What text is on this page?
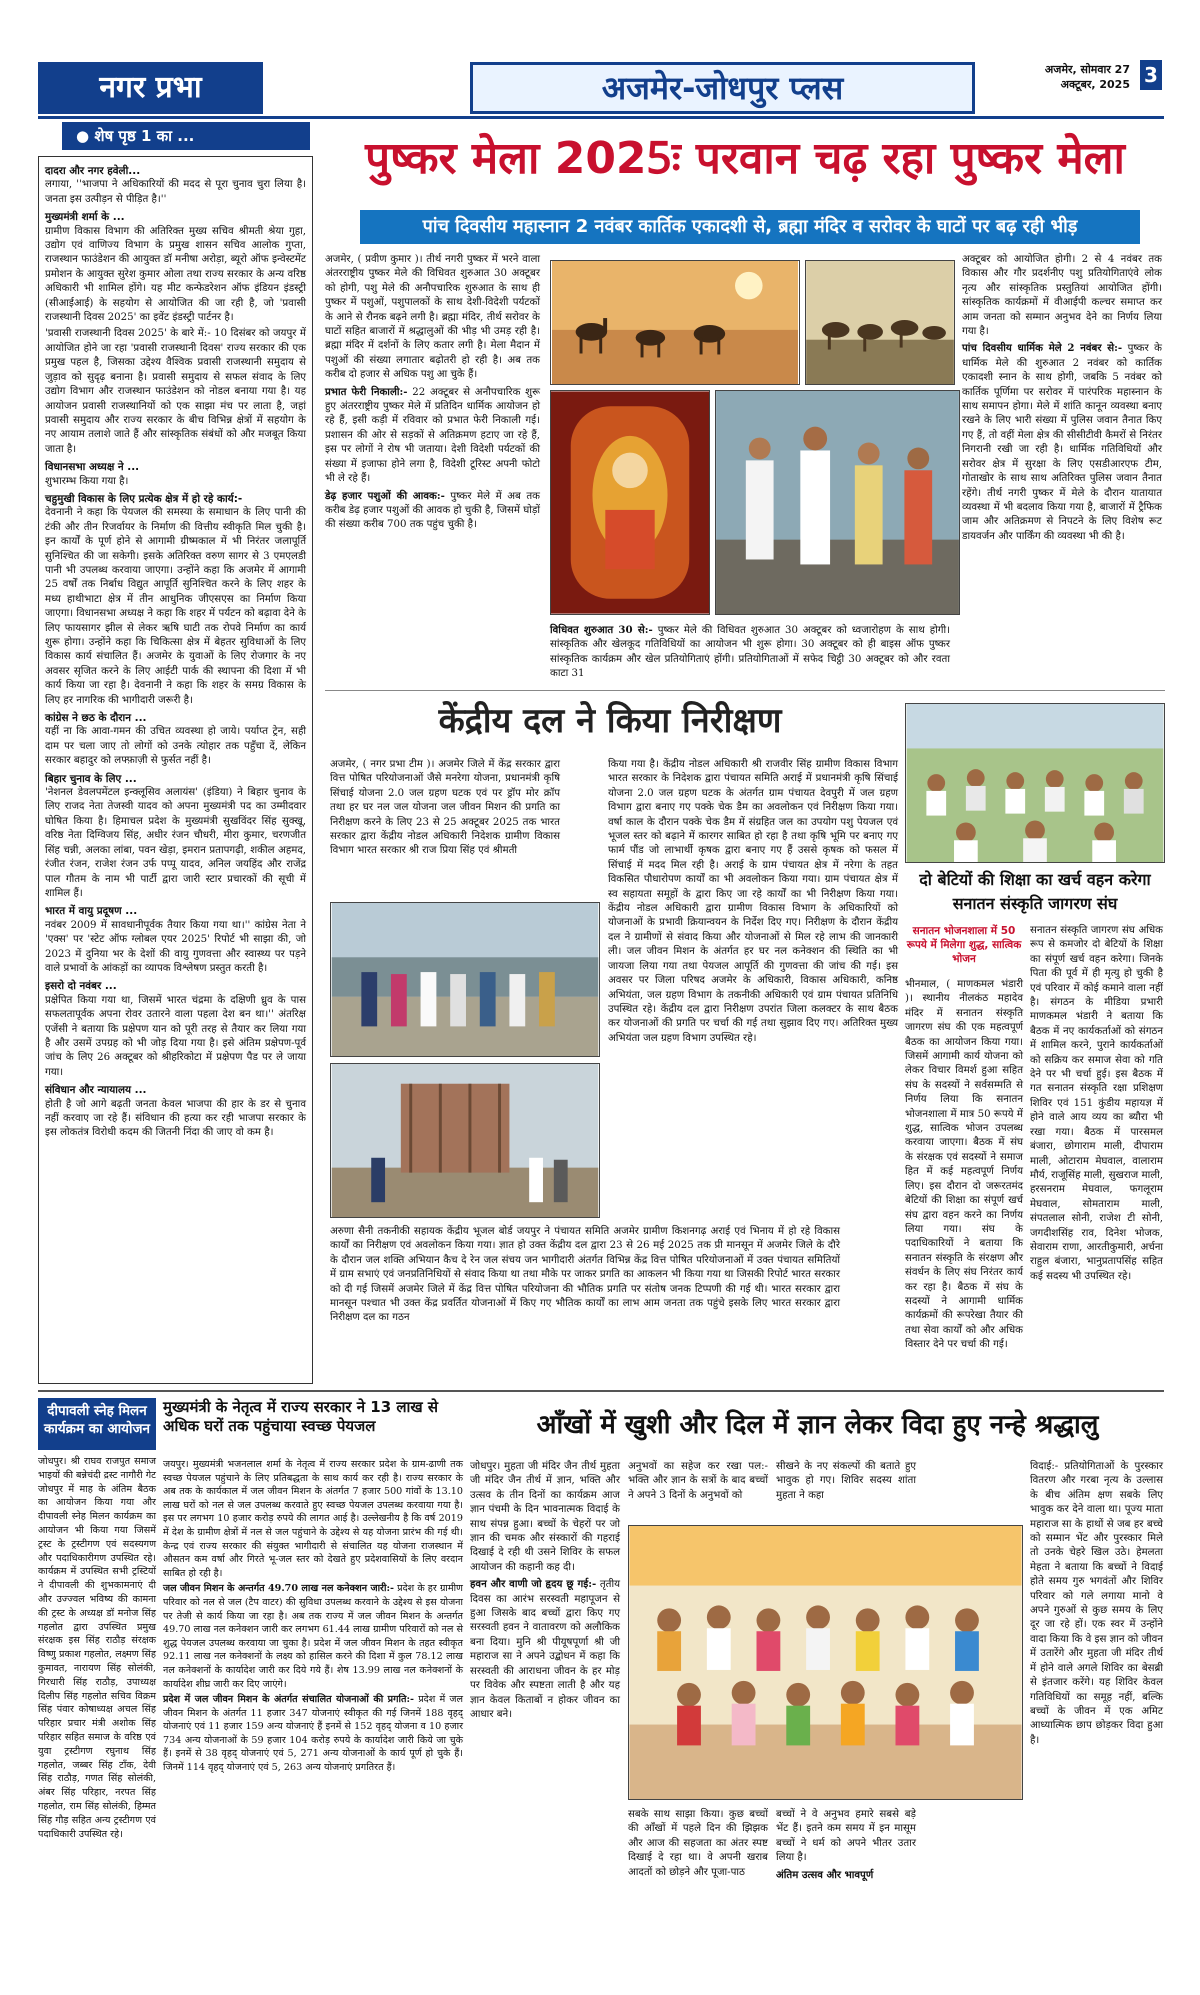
नगर प्रभा	अजमेर-जोधपुर प्लस	अजमेर, सोमवार 27 अक्टूबर, 2025 3
● शेष पृष्ठ 1 का ...
दादरा और नगर हवेली...

लगाया, ''भाजपा ने अधिकारियों की मदद से पूरा चुनाव चुरा लिया है। जनता इस उत्पीड़न से पीड़ित है।''

मुख्यमंत्री शर्मा के ...

ग्रामीण विकास विभाग की अतिरिक्त मुख्य सचिव श्रीमती श्रेया गुहा, उद्योग एवं वाणिज्य विभाग के प्रमुख शासन सचिव आलोक गुप्ता, राजस्थान फाउंडेशन की आयुक्त डॉ मनीषा अरोड़ा, ब्यूरो ऑफ इन्वेस्टमेंट प्रमोशन के आयुक्त सुरेश कुमार ओला तथा राज्य सरकार के अन्य वरिष्ठ अधिकारी भी शामिल होंगे। यह मीट कन्फेडरेशन ऑफ इंडियन इंडस्ट्री (सीआईआई) के सहयोग से आयोजित की जा रही है, जो 'प्रवासी राजस्थानी दिवस 2025' का इवेंट इंडस्ट्री पार्टनर है।

'प्रवासी राजस्थानी दिवस 2025' के बारे में:- 10 दिसंबर को जयपुर में आयोजित होने जा रहा 'प्रवासी राजस्थानी दिवस' राज्य सरकार की एक प्रमुख पहल है, जिसका उद्देश्य वैश्विक प्रवासी राजस्थानी समुदाय से जुड़ाव को सुदृढ़ बनाना है। प्रवासी समुदाय से सफल संवाद के लिए उद्योग विभाग और राजस्थान फाउंडेशन को नोडल बनाया गया है। यह आयोजन प्रवासी राजस्थानियों को एक साझा मंच पर लाता है, जहां प्रवासी समुदाय और राज्य सरकार के बीच विभिन्न क्षेत्रों में सहयोग के नए आयाम तलाशे जाते हैं और सांस्कृतिक संबंधों को और मजबूत किया जाता है।

विधानसभा अध्यक्ष ने ...

शुभारम्भ किया गया है।

चहुमुखी विकास के लिए प्रत्येक क्षेत्र में हो रहे कार्य:-

देवनानी ने कहा कि पेयजल की समस्या के समाधान के लिए पानी की टंकी और तीन रिजर्वायर के निर्माण की वित्तीय स्वीकृति मिल चुकी है। इन कार्यों के पूर्ण होने से आगामी ग्रीष्मकाल में भी निरंतर जलापूर्ति सुनिश्चित की जा सकेगी। इसके अतिरिक्त वरुण सागर से 3 एमएलडी पानी भी उपलब्ध करवाया जाएगा। उन्होंने कहा कि अजमेर में आगामी 25 वर्षों तक निर्बाध विद्युत आपूर्ति सुनिश्चित करने के लिए शहर के मध्य हाथीभाटा क्षेत्र में तीन आधुनिक जीएसएस का निर्माण किया जाएगा। विधानसभा अध्यक्ष ने कहा कि शहर में पर्यटन को बढ़ावा देने के लिए फायसागर झील से लेकर ऋषि घाटी तक रोपवे निर्माण का कार्य शुरू होगा। उन्होंने कहा कि चिकित्सा क्षेत्र में बेहतर सुविधाओं के लिए विकास कार्य संचालित हैं। अजमेर के युवाओं के लिए रोजगार के नए अवसर सृजित करने के लिए आईटी पार्क की स्थापना की दिशा में भी कार्य किया जा रहा है। देवनानी ने कहा कि शहर के समग्र विकास के लिए हर नागरिक की भागीदारी जरूरी है।

कांग्रेस ने छठ के दौरान ...

यहीं ना कि आवा-गमन की उचित व्यवस्था हो जाये। पर्याप्त ट्रेन, सही दाम पर चला जाए तो लोगों को उनके त्योहार तक पहुँचा दें, लेकिन सरकार बहादुर को लफ्फ़ाज़ी से फुर्सत नहीं है।

बिहार चुनाव के लिए ...

'नेशनल डेवलपमेंटल इन्क्लूसिव अलायंस' (इंडिया) ने बिहार चुनाव के लिए राजद नेता तेजस्वी यादव को अपना मुख्यमंत्री पद का उम्मीदवार घोषित किया है। हिमाचल प्रदेश के मुख्यमंत्री सुखविंदर सिंह सुक्खू, वरिष्ठ नेता दिग्विजय सिंह, अधीर रंजन चौधरी, मीरा कुमार, चरणजीत सिंह चन्नी, अलका लांबा, पवन खेड़ा, इमरान प्रतापगढ़ी, शकील अहमद, रंजीत रंजन, राजेश रंजन उर्फ पप्पू यादव, अनिल जयहिंद और राजेंद्र पाल गौतम के नाम भी पार्टी द्वारा जारी स्टार प्रचारकों की सूची में शामिल हैं।

भारत में वायु प्रदूषण ...

नवंबर 2009 में सावधानीपूर्वक तैयार किया गया था।'' कांग्रेस नेता ने 'एक्स' पर 'स्टेट ऑफ ग्लोबल एयर 2025' रिपोर्ट भी साझा की, जो 2023 में दुनिया भर के देशों की वायु गुणवत्ता और स्वास्थ्य पर पड़ने वाले प्रभावों के आंकड़ों का व्यापक विश्लेषण प्रस्तुत करती है।

इसरो दो नवंबर ...

प्रक्षेपित किया गया था, जिसमें भारत चंद्रमा के दक्षिणी ध्रुव के पास सफलतापूर्वक अपना रोवर उतारने वाला पहला देश बन था।'' अंतरिक्ष एजेंसी ने बताया कि प्रक्षेपण यान को पूरी तरह से तैयार कर लिया गया है और उसमें उपग्रह को भी जोड़ दिया गया है। इसे अंतिम प्रक्षेपण-पूर्व जांच के लिए 26 अक्टूबर को श्रीहरिकोटा में प्रक्षेपण पैड पर ले जाया गया।

संविधान और न्यायालय ...

होती है जो आगे बढ़ती जनता केवल भाजपा की हार के डर से चुनाव नहीं करवाए जा रहे हैं। संविधान की हत्या कर रही भाजपा सरकार के इस लोकतंत्र विरोधी कदम की जितनी निंदा की जाए वो कम है।

पुष्कर मेला 2025ः परवान चढ़ रहा पुष्कर मेला
पांच दिवसीय महास्नान 2 नवंबर कार्तिक एकादशी से, ब्रह्मा मंदिर व सरोवर के घाटों पर बढ़ रही भीड़

अजमेर, ( प्रवीण कुमार )। तीर्थ नगरी पुष्कर में भरने वाला अंतरराष्ट्रीय पुष्कर मेले की विधिवत शुरुआत 30 अक्टूबर को होगी, पशु मेले की अनौपचारिक शुरुआत के साथ ही पुष्कर में पशुओं, पशुपालकों के साथ देशी-विदेशी पर्यटकों के आने से रौनक बढ़ने लगी है। ब्रह्मा मंदिर, तीर्थ सरोवर के घाटों सहित बाजारों में श्रद्धालुओं की भीड़ भी उमड़ रही है। ब्रह्मा मंदिर में दर्शनों के लिए कतार लगी है। मेला मैदान में पशुओं की संख्या लगातार बढ़ोतरी हो रही है। अब तक करीब दो हजार से अधिक पशु आ चुके हैं।

प्रभात फेरी निकाली:- 22 अक्टूबर से अनौपचारिक शुरू हुए अंतरराष्ट्रीय पुष्कर मेले में प्रतिदिन धार्मिक आयोजन हो रहे हैं, इसी कड़ी में रविवार को प्रभात फेरी निकाली गई। प्रशासन की ओर से सड़कों से अतिक्रमण हटाए जा रहे हैं, इस पर लोगों ने रोष भी जताया। देशी विदेशी पर्यटकों की संख्या में इजाफा होने लगा है, विदेशी टूरिस्ट अपनी फोटो भी ले रहे हैं।

डेढ़ हजार पशुओं की आवक:- पुष्कर मेले में अब तक करीब डेढ़ हजार पशुओं की आवक हो चुकी है, जिसमें घोड़ों की संख्या करीब 700 तक पहुंच चुकी है।

विधिवत शुरुआत 30 से:- पुष्कर मेले की विधिवत शुरुआत 30 अक्टूबर को ध्वजारोहण के साथ होगी। सांस्कृतिक और खेलकूद गतिविधियों का आयोजन भी शुरू होगा। 30 अक्टूबर को ही बाइस ऑफ पुष्कर सांस्कृतिक कार्यक्रम और खेल प्रतियोगिताएं होंगी। प्रतियोगिताओं में सफेद चिट्ठी 30 अक्टूबर को और रवता काटा 31

अक्टूबर को आयोजित होगी। 2 से 4 नवंबर तक विकास और गौर प्रदर्शनीए पशु प्रतियोगिताएंवे लोक नृत्य और सांस्कृतिक प्रस्तुतियां आयोजित होंगी। सांस्कृतिक कार्यक्रमों में वीआईपी कल्चर समाप्त कर आम जनता को सम्मान अनुभव देने का निर्णय लिया गया है।

पांच दिवसीय धार्मिक मेले 2 नवंबर से:- पुष्कर के धार्मिक मेले की शुरुआत 2 नवंबर को कार्तिक एकादशी स्नान के साथ होगी, जबकि 5 नवंबर को कार्तिक पूर्णिमा पर सरोवर में पारंपरिक महास्नान के साथ समापन होगा। मेले में शांति कानून व्यवस्था बनाए रखने के लिए भारी संख्या में पुलिस जवान तैनात किए गए हैं, तो वहीं मेला क्षेत्र की सीसीटीवी कैमरों से निरंतर निगरानी रखी जा रही है। धार्मिक गतिविधियों और सरोवर क्षेत्र में सुरक्षा के लिए एसडीआरएफ टीम, गोताखोर के साथ साथ अतिरिक्त पुलिस जवान तैनात रहेंगे। तीर्थ नगरी पुष्कर में मेले के दौरान यातायात व्यवस्था में भी बदलाव किया गया है, बाजारों में ट्रैफिक जाम और अतिक्रमण से निपटने के लिए विशेष रूट डायवर्जन और पार्किंग की व्यवस्था भी की है।

केंद्रीय दल ने किया निरीक्षण

अजमेर, ( नगर प्रभा टीम )। अजमेर जिले में केंद्र सरकार द्वारा वित्त पोषित परियोजनाओं जैसे मनरेगा योजना, प्रधानमंत्री कृषि सिंचाई योजना 2.0 जल ग्रहण घटक एवं पर ड्रॉप मोर क्रॉप तथा हर घर नल जल योजना जल जीवन मिशन की प्रगति का निरीक्षण करने के लिए 23 से 25 अक्टूबर 2025 तक भारत सरकार द्वारा केंद्रीय नोडल अधिकारी निदेशक ग्रामीण विकास विभाग भारत सरकार श्री राज प्रिया सिंह एवं श्रीमती

अरुणा सैनी तकनीकी सहायक केंद्रीय भूजल बोर्ड जयपुर ने पंचायत समिति अजमेर ग्रामीण किशनगढ़ अराई एवं भिनाय में हो रहे विकास कार्यों का निरीक्षण एवं अवलोकन किया गया। ज्ञात हो उक्त केंद्रीय दल द्वारा 23 से 26 मई 2025 तक प्री मानसून में अजमेर जिले के दौरे के दौरान जल शक्ति अभियान कैच दे रेन जल संचय जन भागीदारी अंतर्गत विभिन्न केंद्र वित्त पोषित परियोजनाओं में उक्त पंचायत समितियों में ग्राम सभाएं एवं जनप्रतिनिधियों से संवाद किया था तथा मौके पर जाकर प्रगति का आकलन भी किया गया था जिसकी रिपोर्ट भारत सरकार को दी गई जिसमें अजमेर जिले में केंद्र वित्त पोषित परियोजना की भौतिक प्रगति पर संतोष जनक टिप्पणी की गई थी। भारत सरकार द्वारा मानसून पश्चात भी उक्त केंद्र प्रवर्तित योजनाओं में किए गए भौतिक कार्यों का लाभ आम जनता तक पहुंचे इसके लिए भारत सरकार द्वारा निरीक्षण दल का गठन

किया गया है। केंद्रीय नोडल अधिकारी श्री राजवीर सिंह ग्रामीण विकास विभाग भारत सरकार के निदेशक द्वारा पंचायत समिति अराई में प्रधानमंत्री कृषि सिंचाई योजना 2.0 जल ग्रहण घटक के अंतर्गत ग्राम पंचायत देवपुरी में जल ग्रहण विभाग द्वारा बनाए गए पक्के चेक डैम का अवलोकन एवं निरीक्षण किया गया। वर्षा काल के दौरान पक्के चेक डैम में संग्रहित जल का उपयोग पशु पेयजल एवं भूजल स्तर को बढ़ाने में कारगर साबित हो रहा है तथा कृषि भूमि पर बनाए गए फार्म पौंड जो लाभार्थी कृषक द्वारा बनाए गए हैं उससे कृषक को फसल में सिंचाई में मदद मिल रही है। अराई के ग्राम पंचायत क्षेत्र में नरेगा के तहत विकसित पौधारोपण कार्यों का भी अवलोकन किया गया। ग्राम पंचायत क्षेत्र में स्व सहायता समूहों के द्वारा किए जा रहे कार्यों का भी निरीक्षण किया गया। केंद्रीय नोडल अधिकारी द्वारा ग्रामीण विकास विभाग के अधिकारियों को योजनाओं के प्रभावी क्रियान्वयन के निर्देश दिए गए। निरीक्षण के दौरान केंद्रीय दल ने ग्रामीणों से संवाद किया और योजनाओं से मिल रहे लाभ की जानकारी ली। जल जीवन मिशन के अंतर्गत हर घर नल कनेक्शन की स्थिति का भी जायजा लिया गया तथा पेयजल आपूर्ति की गुणवत्ता की जांच की गई। इस अवसर पर जिला परिषद अजमेर के अधिकारी, विकास अधिकारी, कनिष्ठ अभियंता, जल ग्रहण विभाग के तकनीकी अधिकारी एवं ग्राम पंचायत प्रतिनिधि उपस्थित रहे। केंद्रीय दल द्वारा निरीक्षण उपरांत जिला कलक्टर के साथ बैठक कर योजनाओं की प्रगति पर चर्चा की गई तथा सुझाव दिए गए। अतिरिक्त मुख्य अभियंता जल ग्रहण विभाग उपस्थित रहे।

दो बेटियों की शिक्षा का खर्च वहन करेगा सनातन संस्कृति जागरण संघ
सनातन भोजनशाला में 50 रूपये में मिलेगा शुद्ध, सात्विक भोजन

भीनमाल, ( माणकमल भंडारी )। स्थानीय नीलकंठ महादेव मंदिर में सनातन संस्कृति जागरण संघ की एक महत्वपूर्ण बैठक का आयोजन किया गया। जिसमें आगामी कार्य योजना को लेकर विचार विमर्श हुआ सहित संघ के सदस्यों ने सर्वसम्मति से निर्णय लिया कि सनातन भोजनशाला में मात्र 50 रूपये में शुद्ध, सात्विक भोजन उपलब्ध करवाया जाएगा। बैठक में संघ के संरक्षक एवं सदस्यों ने समाज हित में कई महत्वपूर्ण निर्णय लिए। इस दौरान दो जरूरतमंद बेटियों की शिक्षा का संपूर्ण खर्च संघ द्वारा वहन करने का निर्णय लिया गया। संघ के पदाधिकारियों ने बताया कि सनातन संस्कृति के संरक्षण और संवर्धन के लिए संघ निरंतर कार्य कर रहा है। बैठक में संघ के सदस्यों ने आगामी धार्मिक कार्यक्रमों की रूपरेखा तैयार की तथा सेवा कार्यों को और अधिक विस्तार देने पर चर्चा की गई।

सनातन संस्कृति जागरण संघ अधिक रूप से कमजोर दो बेटियों के शिक्षा का संपूर्ण खर्च वहन करेगा। जिनके पिता की पूर्व में ही मृत्यु हो चुकी है एवं परिवार में कोई कमाने वाला नहीं है। संगठन के मीडिया प्रभारी माणकमल भंडारी ने बताया कि बैठक में नए कार्यकर्ताओं को संगठन में शामिल करने, पुराने कार्यकर्ताओं को सक्रिय कर समाज सेवा को गति देने पर भी चर्चा हुई। इस बैठक में गत सनातन संस्कृति रक्षा प्रशिक्षण शिविर एवं 151 कुंडीय महायज्ञ में होने वाले आय व्यय का ब्यौरा भी रखा गया। बैठक में पारसमल बंजारा, छोगाराम माली, दीपाराम माली, ओटाराम मेघवाल, वालाराम मौर्य, राजूसिंह माली, सुखराज माली, हरसनराम मेघवाल, फगलूराम मेघवाल, सोमताराम माली, संपतलाल सोनी, राजेश टी सोनी, जगदीशसिंह राव, दिनेश भोजक, सेवाराम राणा, आरतीकुमारी, अर्चना राहुल बंजारा, भानुप्रतापसिंह सहित कई सदस्य भी उपस्थित रहे।

दीपावली स्नेह मिलन कार्यक्रम का आयोजन

जोधपुर। श्री राघव राजपुत समाज भाइयों की बन्नेचंदी द्रस्ट नागौरी गेट जोधपुर में माह के अंतिम बैठक का आयोजन किया गया और दीपावली स्नेह मिलन कार्यक्रम का आयोजन भी किया गया जिसमें ट्रस्ट के ट्रस्टीगण एवं सदस्यगण और पदाधिकारीगण उपस्थित रहे। कार्यक्रम में उपस्थित सभी ट्रस्टियों ने दीपावली की शुभकामनाएं दी और उज्ज्वल भविष्य की कामना की ट्रस्ट के अध्यक्ष डॉ मनोज सिंह गहलोत द्वारा उपस्थित प्रमुख संरक्षक इस सिंह राठौड़ संरक्षक विष्णु प्रकाश गहलोत, लक्ष्मण सिंह कुमावत, नारायण सिंह सोलंकी, गिरधारी सिंह राठौड़, उपाध्यक्ष दिलीप सिंह गहलोत सचिव विक्रम सिंह पंवार कोषाध्यक्ष अचल सिंह परिहार प्रचार मंत्री अशोक सिंह परिहार सहित समाज के वरिष्ठ एवं युवा ट्रस्टीगण रघुनाथ सिंह गहलोत, जब्बर सिंह टाँक, देवी सिंह राठौड़, गणत सिंह सोलंकी, अंबर सिंह परिहार, नरपत सिंह गहलोत, राम सिंह सोलंकी, हिम्मत सिंह गौड़ सहित अन्य ट्रस्टीगण एवं पदाधिकारी उपस्थित रहे।

मुख्यमंत्री के नेतृत्व में राज्य सरकार ने 13 लाख से अधिक घरों तक पहुंचाया स्वच्छ पेयजल

जयपुर। मुख्यमंत्री भजनलाल शर्मा के नेतृत्व में राज्य सरकार प्रदेश के ग्राम-ढाणी तक स्वच्छ पेयजल पहुंचाने के लिए प्रतिबद्धता के साथ कार्य कर रही है। राज्य सरकार के अब तक के कार्यकाल में जल जीवन मिशन के अंतर्गत 7 हजार 500 गांवों के 13.10 लाख घरों को नल से जल उपलब्ध करवाते हुए स्वच्छ पेयजल उपलब्ध करवाया गया है। इस पर लगभग 10 हजार करोड़ रुपये की लागत आई है। उल्लेखनीय है कि वर्ष 2019 में देश के ग्रामीण क्षेत्रों में नल से जल पहुंचाने के उद्देश्य से यह योजना प्रारंभ की गई थी। केन्द्र एवं राज्य सरकार की संयुक्त भागीदारी से संचालित यह योजना राजस्थान में औसतन कम वर्षा और गिरते भू-जल स्तर को देखते हुए प्रदेशवासियों के लिए वरदान साबित हो रही है।

जल जीवन मिशन के अन्तर्गत 49.70 लाख नल कनेक्शन जारी:- प्रदेश के हर ग्रामीण परिवार को नल से जल (टैप वाटर) की सुविधा उपलब्ध करवाने के उद्देश्य से इस योजना पर तेजी से कार्य किया जा रहा है। अब तक राज्य में जल जीवन मिशन के अन्तर्गत 49.70 लाख नल कनेक्शन जारी कर लगभग 61.44 लाख ग्रामीण परिवारों को नल से शुद्ध पेयजल उपलब्ध करवाया जा चुका है। प्रदेश में जल जीवन मिशन के तहत स्वीकृत 92.11 लाख नल कनेक्शनों के लक्ष्य को हासिल करने की दिशा में कुल 78.12 लाख नल कनेक्शनों के कार्यादेश जारी कर दिये गये हैं। शेष 13.99 लाख नल कनेक्शनों के कार्यादेश शीघ्र जारी कर दिए जाएंगे।

प्रदेश में जल जीवन मिशन के अंतर्गत संचालित योजनाओं की प्रगति:- प्रदेश में जल जीवन मिशन के अंतर्गत 11 हजार 347 योजनाएं स्वीकृत की गई जिनमें 188 वृहद् योजनाएं एवं 11 हजार 159 अन्य योजनाएं हैं इनमें से 152 वृहद् योजना व 10 हजार 734 अन्य योजनाओं के 59 हजार 104 करोड़ रुपये के कार्यादेश जारी किये जा चुके हैं। इनमें से 38 वृहद् योजनाएं एवं 5, 271 अन्य योजनाओं के कार्य पूर्ण हो चुके हैं। जिनमें 114 वृहद् योजनाएं एवं 5, 263 अन्य योजनाएं प्रगतिरत हैं।

आँखों में खुशी और दिल में ज्ञान लेकर विदा हुए नन्हे श्रद्धालु

जोधपुर। मुहता जी मंदिर जैन तीर्थ मुहता जी मंदिर जैन तीर्थ में ज्ञान, भक्ति और उत्सव के तीन दिनों का कार्यक्रम आज ज्ञान पंचमी के दिन भावनात्मक विदाई के साथ संपन्न हुआ। बच्चों के चेहरों पर जो ज्ञान की चमक और संस्कारों की गहराई दिखाई दे रही थी उसने शिविर के सफल आयोजन की कहानी कह दी।

हवन और वाणी जो हृदय छू गई:- तृतीय दिवस का आरंभ सरस्वती महापूजन से हुआ जिसके बाद बच्चों द्वारा किए गए सरस्वती हवन ने वातावरण को अलौकिक बना दिया। मुनि श्री पीयूषपूर्णा श्री जी महाराज सा ने अपने उद्बोधन में कहा कि सरस्वती की आराधना जीवन के हर मोड़ पर विवेक और स्पष्टता लाती है और यह ज्ञान केवल किताबों न होकर जीवन का आधार बने।

अनुभवों का सहेज कर रखा पल:- भक्ति और ज्ञान के सत्रों के बाद बच्चों ने अपने 3 दिनों के अनुभवों को

सीखने के नए संकल्पों की बताते हुए भावुक हो गए। शिविर सदस्य शांता मुहता ने कहा

सबके साथ साझा किया। कुछ बच्चों की आँखों में पहले दिन की झिझक और आज की सहजता का अंतर स्पष्ट दिखाई दे रहा था। वे अपनी खराब आदतों को छोड़ने और पूजा-पाठ

बच्चों ने वे अनुभव हमारे सबसे बड़े भेंट हैं। इतने कम समय में इन मासूम बच्चों ने धर्म को अपने भीतर उतार लिया है।

अंतिम उत्सव और भावपूर्ण

विदाई:- प्रतियोगिताओं के पुरस्कार वितरण और गरबा नृत्य के उल्लास के बीच अंतिम क्षण सबके लिए भावुक कर देने वाला था। पूज्य माता महाराज सा के हाथों से जब हर बच्चे को सम्मान भेंट और पुरस्कार मिले तो उनके चेहरे खिल उठे। हेमलता मेहता ने बताया कि बच्चों ने विदाई होते समय गुरु भगवंतों और शिविर परिवार को गले लगाया मानो वे अपने गुरुओं से कुछ समय के लिए दूर जा रहे हों। एक स्वर में उन्होंने वादा किया कि वे इस ज्ञान को जीवन में उतारेंगे और मुहता जी मंदिर तीर्थ में होने वाले अगले शिविर का बेसब्री से इंतजार करेंगे। यह शिविर केवल गतिविधियों का समूह नहीं, बल्कि बच्चों के जीवन में एक अमिट आध्यात्मिक छाप छोड़कर विदा हुआ है।
